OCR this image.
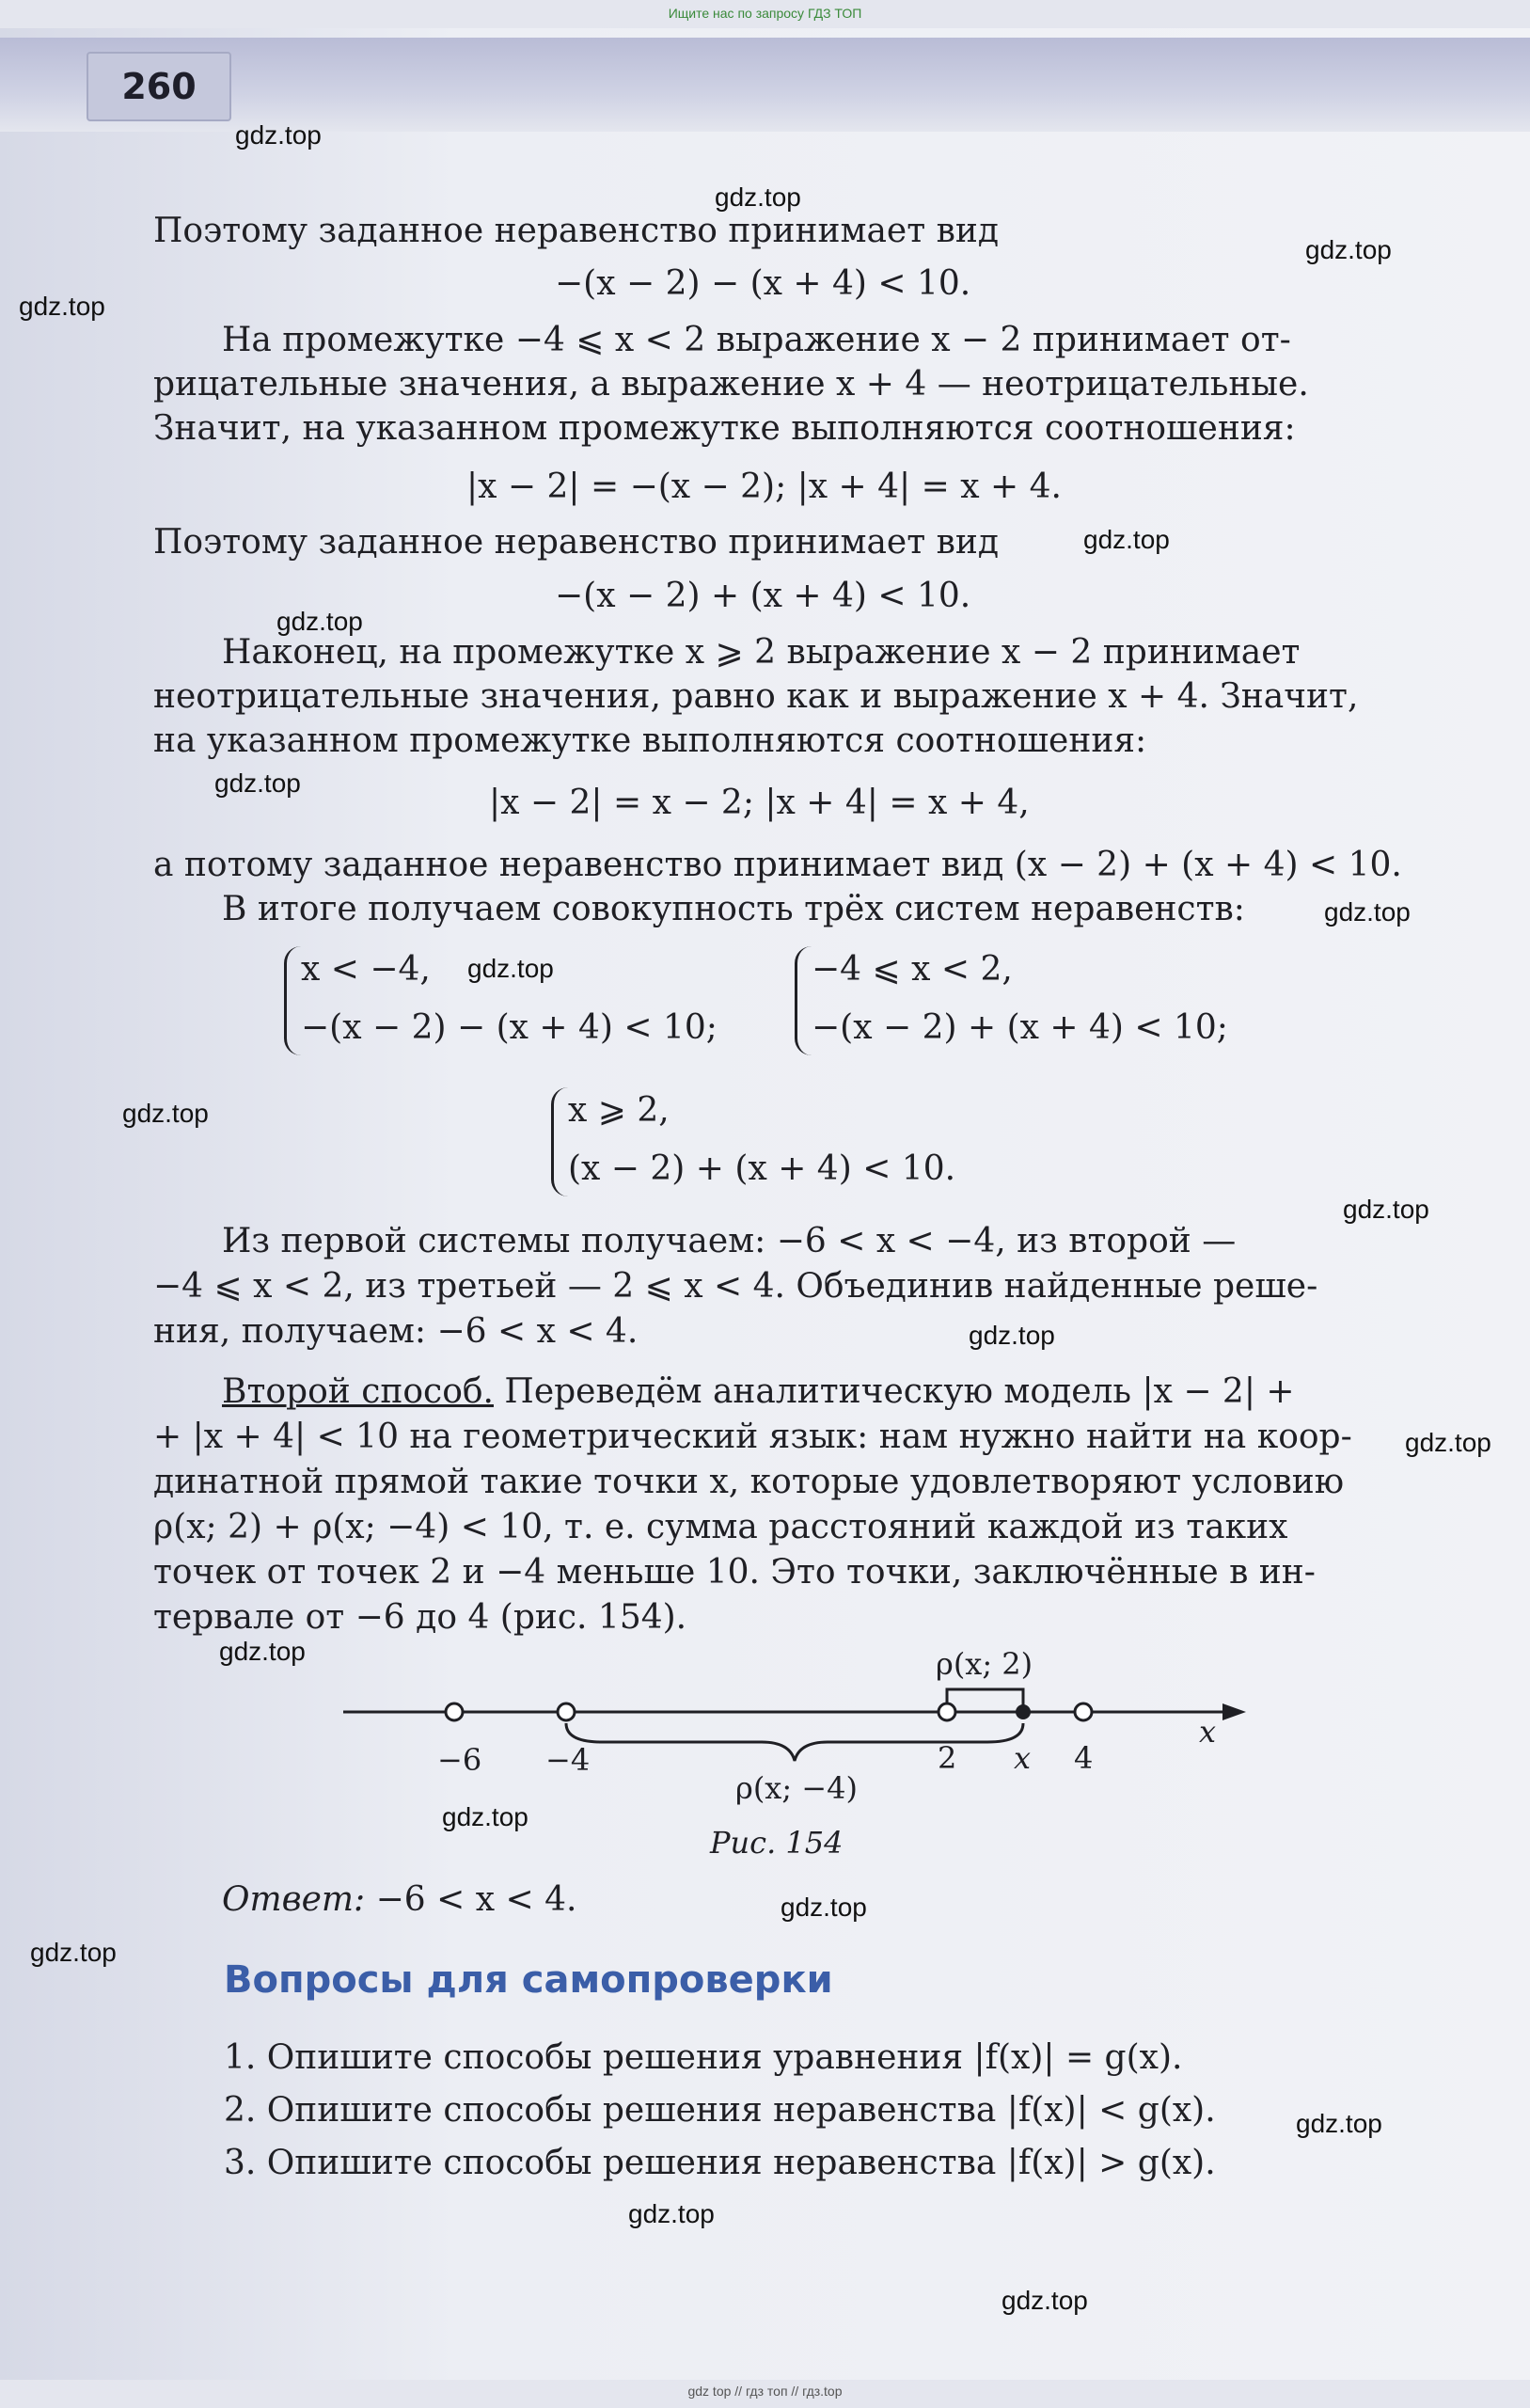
Ищите нас по запросу ГДЗ ТОП
260
Поэтому заданное неравенство принимает вид
−(x − 2) − (x + 4) < 10.
На промежутке −4 ⩽ x < 2 выражение x − 2 принимает от-
рицательные значения, а выражение x + 4 — неотрицательные.
Значит, на указанном промежутке выполняются соотношения:
|x − 2| = −(x − 2); |x + 4| = x + 4.
Поэтому заданное неравенство принимает вид
−(x − 2) + (x + 4) < 10.
Наконец, на промежутке x ⩾ 2 выражение x − 2 принимает
неотрицательные значения, равно как и выражение x + 4. Значит,
на указанном промежутке выполняются соотношения:
|x − 2| = x − 2; |x + 4| = x + 4,
а потому заданное неравенство принимает вид (x − 2) + (x + 4) < 10.
В итоге получаем совокупность трёх систем неравенств:
x < −4,
−(x − 2) − (x + 4) < 10;
−4 ⩽ x < 2,
−(x − 2) + (x + 4) < 10;
x ⩾ 2,
(x − 2) + (x + 4) < 10.
Из первой системы получаем: −6 < x < −4, из второй —
−4 ⩽ x < 2, из третьей — 2 ⩽ x < 4. Объединив найденные реше-
ния, получаем: −6 < x < 4.
Второй способ. Переведём аналитическую модель |x − 2| +
+ |x + 4| < 10 на геометрический язык: нам нужно найти на коор-
динатной прямой такие точки x, которые удовлетворяют условию
ρ(x; 2) + ρ(x; −4) < 10, т. е. сумма расстояний каждой из таких
точек от точек 2 и −4 меньше 10. Это точки, заключённые в ин-
тервале от −6 до 4 (рис. 154).
ρ(x; 2)
−6 −4	2 x 4
x
ρ(x; −4)
Рис. 154
Ответ: −6 < x < 4.
Вопросы для самопроверки
1. Опишите способы решения уравнения |f(x)| = g(x).
2. Опишите способы решения неравенства |f(x)| < g(x).
3. Опишите способы решения неравенства |f(x)| > g(x).
gdz.top
gdz.top
gdz.top
gdz.top
gdz.top
gdz.top
gdz.top
gdz.top
gdz.top
gdz.top
gdz.top
gdz.top
gdz.top
gdz.top
gdz.top
gdz.top
gdz.top
gdz.top
gdz.top
gdz.top
gdz top // гдз топ // гдз.top
